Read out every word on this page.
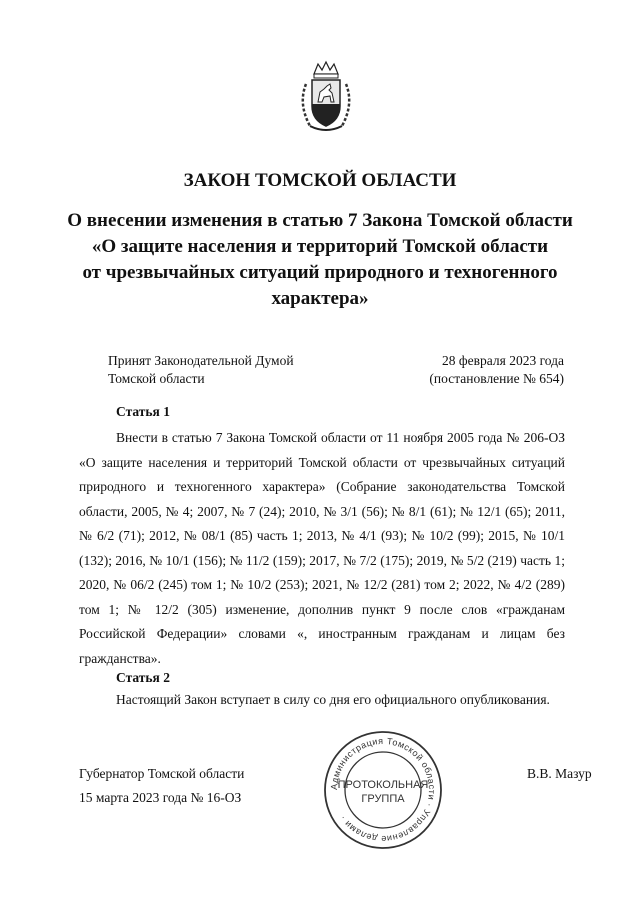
ЗАКОН ТОМСКОЙ ОБЛАСТИ
О внесении изменения в статью 7 Закона Томской области
«О защите населения и территорий Томской области
от чрезвычайных ситуаций природного и техногенного
характера»
Принят Законодательной Думой
Томской области
28 февраля 2023 года
(постановление № 654)
Статья 1
Внести в статью 7 Закона Томской области от 11 ноября 2005 года № 206-ОЗ «О защите населения и территорий Томской области от чрезвычайных ситуаций природного и техногенного характера» (Собрание законодательства Томской области, 2005, № 4; 2007, № 7 (24); 2010, № 3/1 (56); № 8/1 (61); № 12/1 (65); 2011, № 6/2 (71); 2012, № 08/1 (85) часть 1; 2013, № 4/1 (93); № 10/2 (99); 2015, № 10/1 (132); 2016, № 10/1 (156); № 11/2 (159); 2017, № 7/2 (175); 2019, № 5/2 (219) часть 1; 2020, № 06/2 (245) том 1; № 10/2 (253); 2021, № 12/2 (281) том 2; 2022, № 4/2 (289) том 1; № 12/2 (305) изменение, дополнив пункт 9 после слов «гражданам Российской Федерации» словами «, иностранным гражданам и лицам без гражданства».
Статья 2
Настоящий Закон вступает в силу со дня его официального опубликования.
Губернатор Томской области
15 марта 2023 года № 16-ОЗ
В.В. Мазур
Администрация Томской области · Управление делами ·
ПРОТОКОЛЬНАЯ
ГРУППА
